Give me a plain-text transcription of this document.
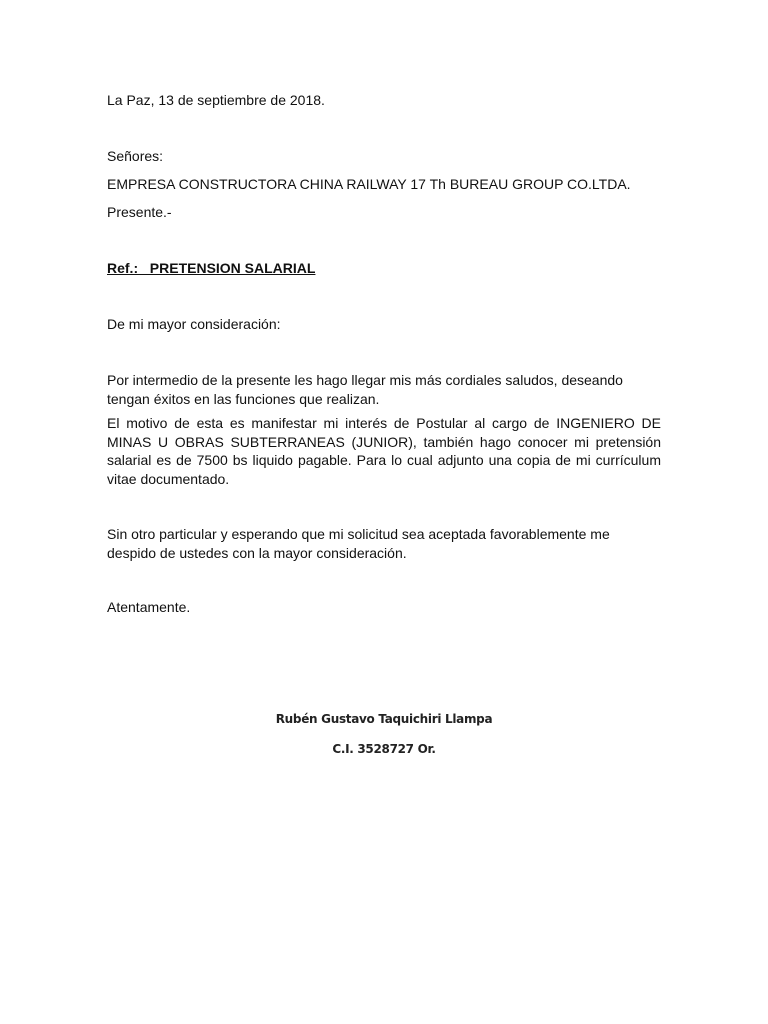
La Paz, 13 de septiembre de 2018.
Señores:
EMPRESA CONSTRUCTORA CHINA RAILWAY 17 Th BUREAU GROUP CO.LTDA.
Presente.-
Ref.:   PRETENSION SALARIAL
De mi mayor consideración:
Por intermedio de la presente les hago llegar mis más cordiales saludos, deseando tengan éxitos en las funciones que realizan.
El motivo de esta es manifestar mi interés de Postular al cargo de INGENIERO DE MINAS U OBRAS SUBTERRANEAS (JUNIOR), también hago conocer mi pretensión salarial es de 7500 bs liquido pagable. Para lo cual adjunto una copia de mi currículum vitae documentado.
Sin otro particular y esperando que mi solicitud sea aceptada favorablemente me despido de ustedes con la mayor consideración.
Atentamente.
Rubén Gustavo Taquichiri Llampa
C.I. 3528727 Or.
